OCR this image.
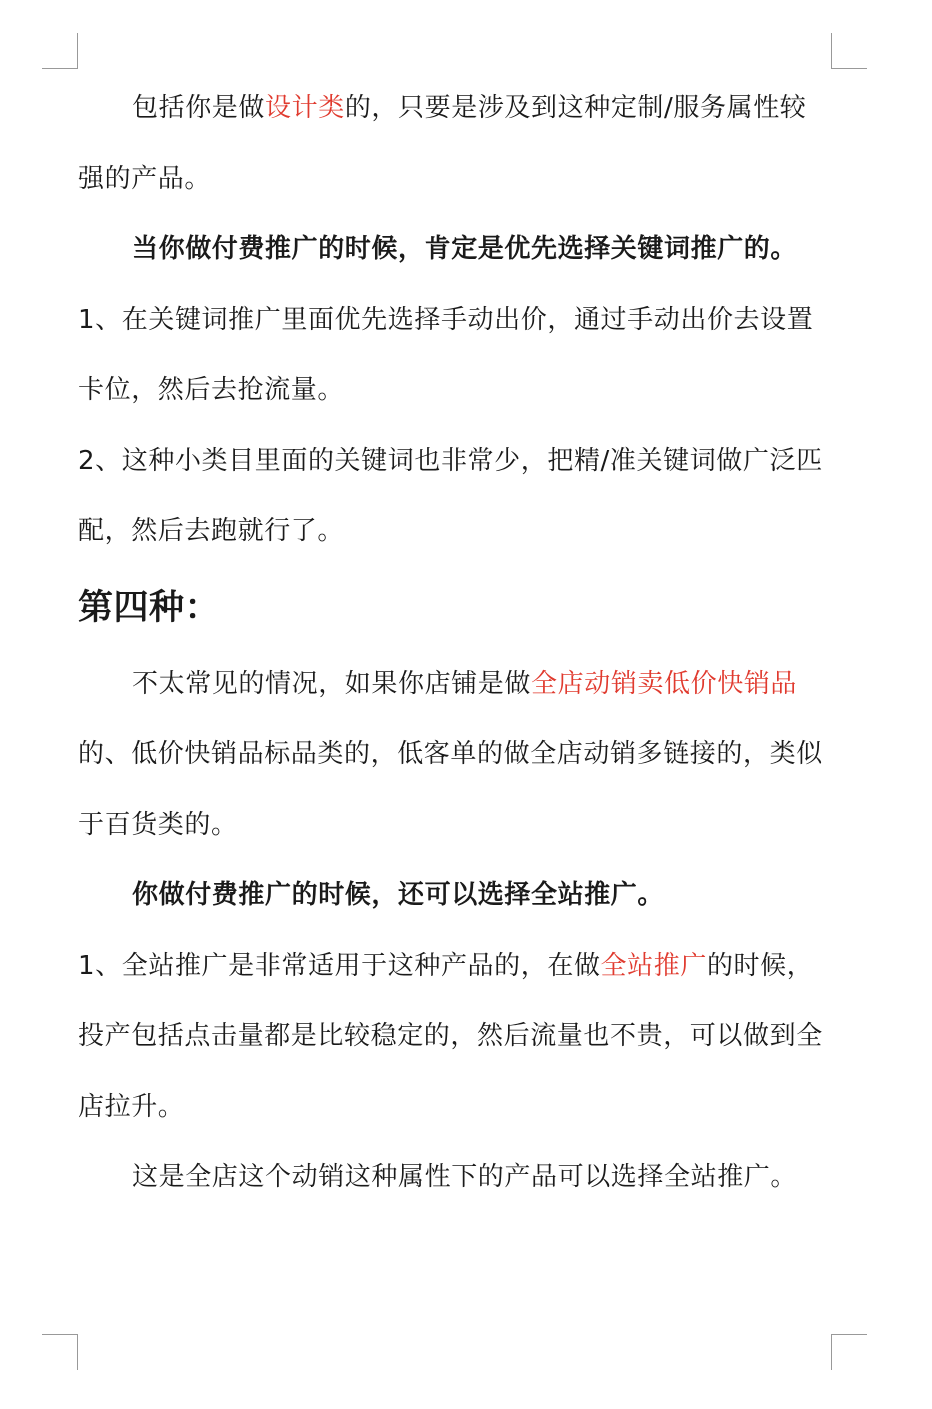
包括你是做设计类的，只要是涉及到这种定制/服务属性较强的产品。

当你做付费推广的时候，肯定是优先选择关键词推广的。

1、在关键词推广里面优先选择手动出价，通过手动出价去设置卡位，然后去抢流量。

2、这种小类目里面的关键词也非常少，把精/准关键词做广泛匹配，然后去跑就行了。

第四种：

不太常见的情况，如果你店铺是做全店动销卖低价快销品的、低价快销品标品类的，低客单的做全店动销多链接的，类似于百货类的。

你做付费推广的时候，还可以选择全站推广。

1、全站推广是非常适用于这种产品的，在做全站推广的时候，投产包括点击量都是比较稳定的，然后流量也不贵，可以做到全店拉升。

这是全店这个动销这种属性下的产品可以选择全站推广。
